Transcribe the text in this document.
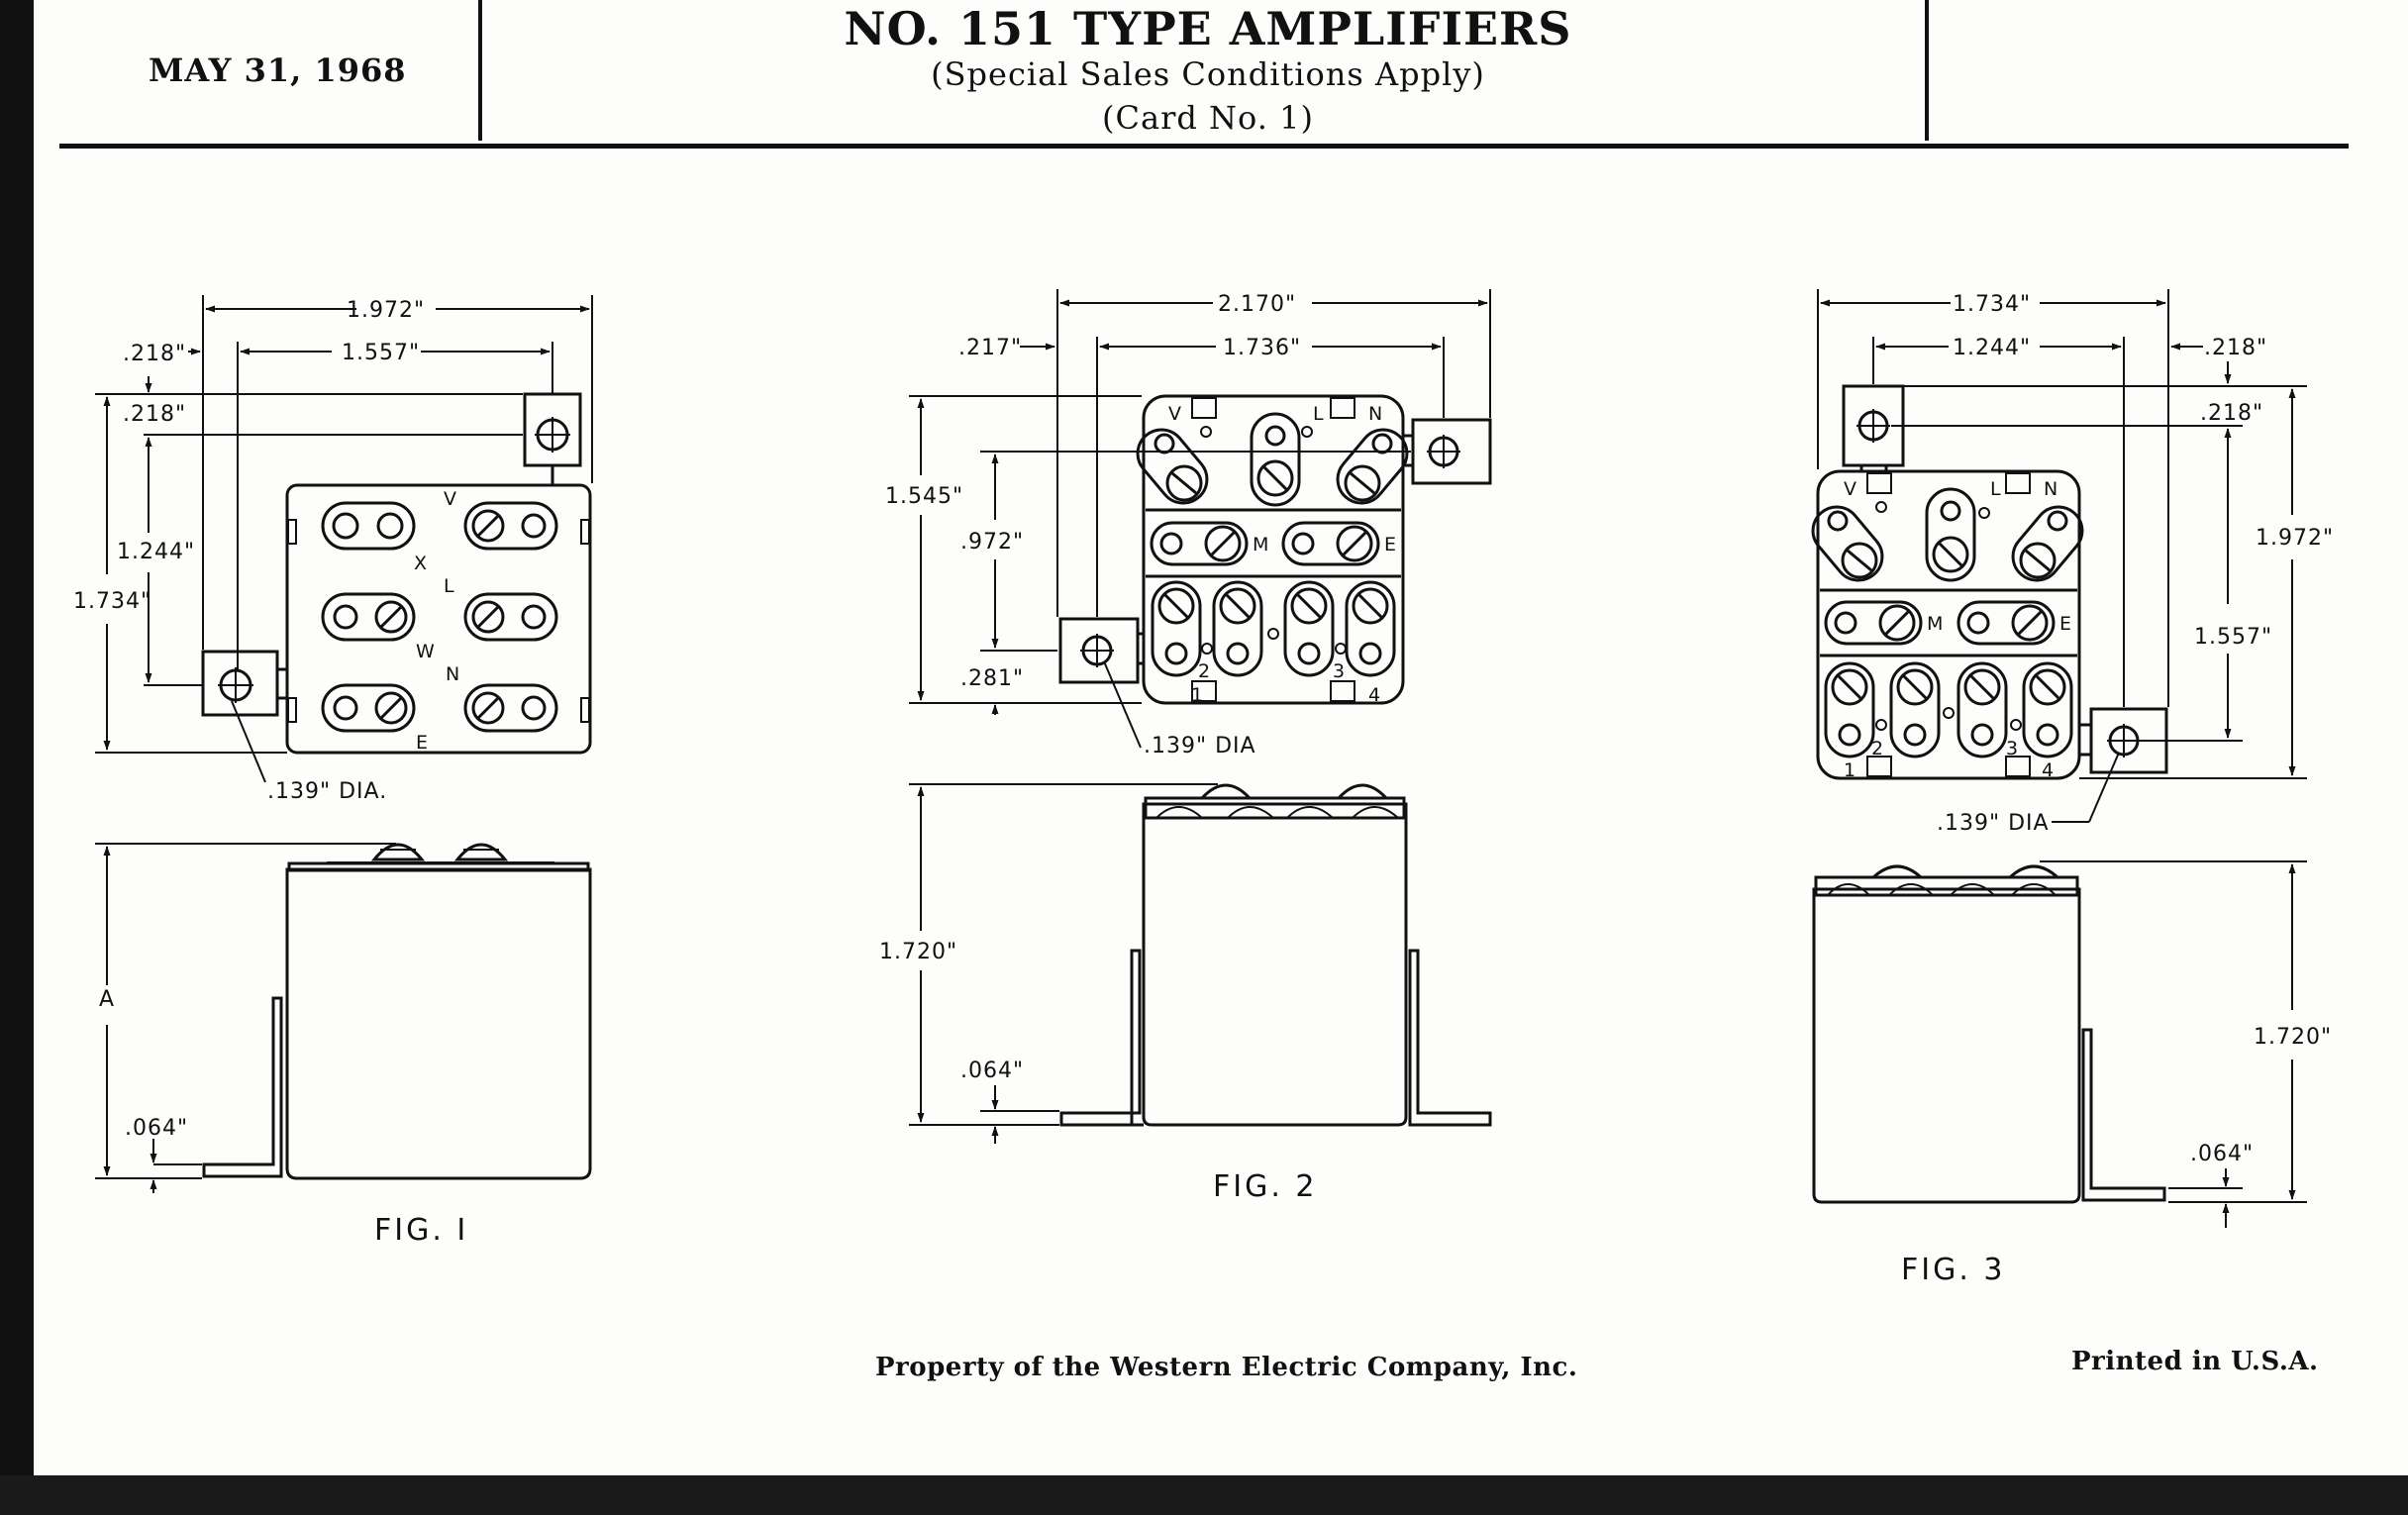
MAY 31, 1968
NO. 151 TYPE AMPLIFIERS
(Special Sales Conditions Apply)
(Card No. 1)
V
X
L
W
N
E
1.972"
1.557"
.218"
.218"
1.244"
1.734"
.139" DIA.
A
.064"
FIG. I
V	L N
M	E
1
2	3
4
2.170"
1.736"
.217"
1.545"
.972"
.281"
.139" DIA
1.720"
.064"
FIG. 2
V	L N
M	E
1
2	3
4
1.734"
1.244"	.218"
.218"
1.972"
1.557"
.139" DIA
1.720"
.064"
FIG. 3
Property of the Western Electric Company, Inc.	Printed in U.S.A.
